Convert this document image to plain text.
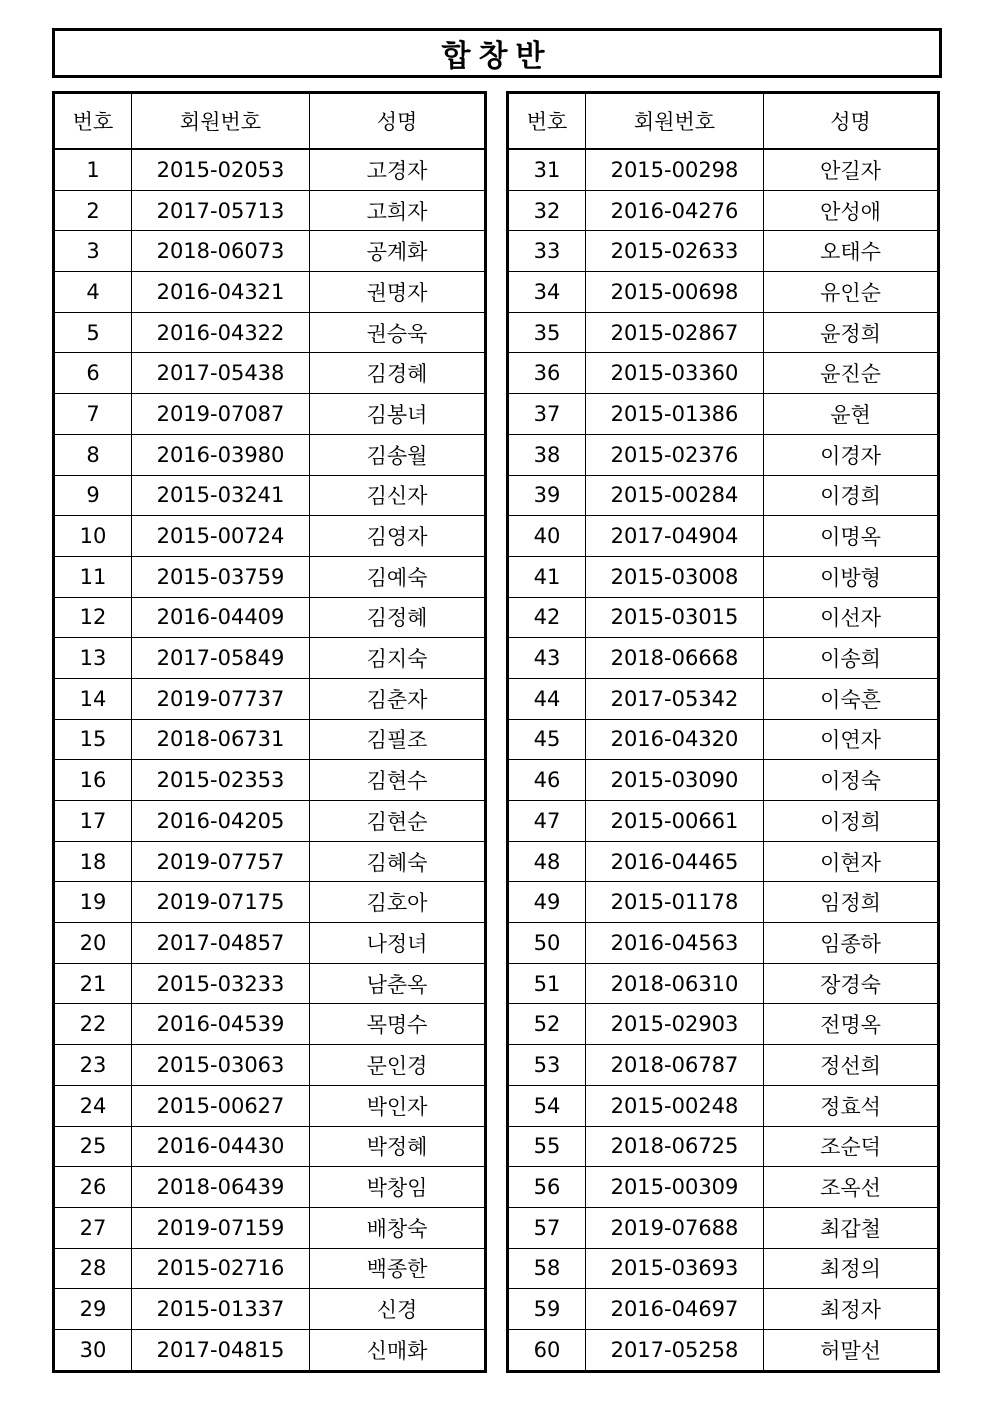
합창반
번호	회원번호	성명
1	2015-02053	고경자
2	2017-05713	고희자
3	2018-06073	공계화
4	2016-04321	권명자
5	2016-04322	권승욱
6	2017-05438	김경혜
7	2019-07087	김봉녀
8	2016-03980	김송월
9	2015-03241	김신자
10	2015-00724	김영자
11	2015-03759	김예숙
12	2016-04409	김정혜
13	2017-05849	김지숙
14	2019-07737	김춘자
15	2018-06731	김필조
16	2015-02353	김현수
17	2016-04205	김현순
18	2019-07757	김혜숙
19	2019-07175	김호아
20	2017-04857	나정녀
21	2015-03233	남춘옥
22	2016-04539	목명수
23	2015-03063	문인경
24	2015-00627	박인자
25	2016-04430	박정혜
26	2018-06439	박창임
27	2019-07159	배창숙
28	2015-02716	백종한
29	2015-01337	신경
30	2017-04815	신매화
번호	회원번호	성명
31	2015-00298	안길자
32	2016-04276	안성애
33	2015-02633	오태수
34	2015-00698	유인순
35	2015-02867	윤정희
36	2015-03360	윤진순
37	2015-01386	윤현
38	2015-02376	이경자
39	2015-00284	이경희
40	2017-04904	이명옥
41	2015-03008	이방형
42	2015-03015	이선자
43	2018-06668	이송희
44	2017-05342	이숙흔
45	2016-04320	이연자
46	2015-03090	이정숙
47	2015-00661	이정희
48	2016-04465	이현자
49	2015-01178	임정희
50	2016-04563	임종하
51	2018-06310	장경숙
52	2015-02903	전명옥
53	2018-06787	정선희
54	2015-00248	정효석
55	2018-06725	조순덕
56	2015-00309	조옥선
57	2019-07688	최갑철
58	2015-03693	최정의
59	2016-04697	최정자
60	2017-05258	허말선
